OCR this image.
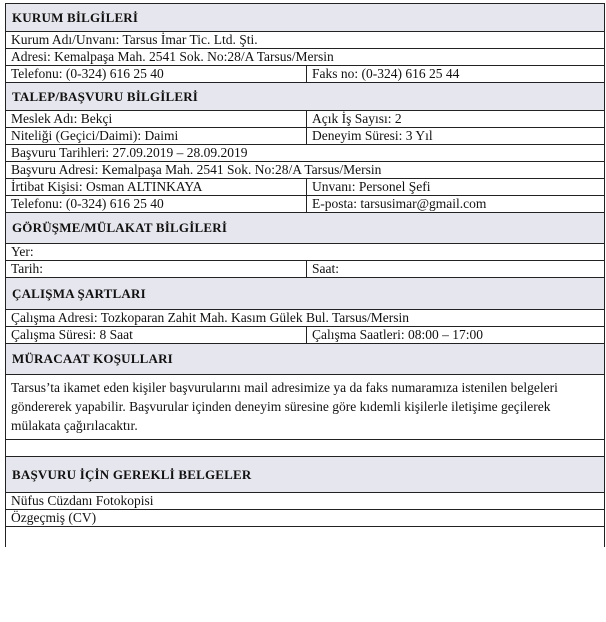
KURUM BİLGİLERİ
Kurum Adı/Unvanı: Tarsus İmar Tic. Ltd. Şti.
Adresi: Kemalpaşa Mah. 2541 Sok. No:28/A Tarsus/Mersin
Telefonu: (0-324) 616 25 40	Faks no: (0-324) 616 25 44
TALEP/BAŞVURU BİLGİLERİ
Meslek Adı: Bekçi	Açık İş Sayısı: 2
Niteliği (Geçici/Daimi): Daimi	Deneyim Süresi: 3 Yıl
Başvuru Tarihleri: 27.09.2019 – 28.09.2019
Başvuru Adresi: Kemalpaşa Mah. 2541 Sok. No:28/A Tarsus/Mersin
İrtibat Kişisi: Osman ALTINKAYA	Unvanı: Personel Şefi
Telefonu: (0-324) 616 25 40	E-posta: tarsusimar@gmail.com
GÖRÜŞME/MÜLAKAT BİLGİLERİ
Yer:
Tarih:	Saat:
ÇALIŞMA ŞARTLARI
Çalışma Adresi: Tozkoparan Zahit Mah. Kasım Gülek Bul. Tarsus/Mersin
Çalışma Süresi: 8 Saat	Çalışma Saatleri: 08:00 – 17:00
MÜRACAAT KOŞULLARI
Tarsus’ta ikamet eden kişiler başvurularını mail adresimize ya da faks numaramıza istenilen belgeleri göndererek yapabilir. Başvurular içinden deneyim süresine göre kıdemli kişilerle iletişime geçilerek mülakata çağırılacaktır.
BAŞVURU İÇİN GEREKLİ BELGELER
Nüfus Cüzdanı Fotokopisi
Özgeçmiş (CV)
